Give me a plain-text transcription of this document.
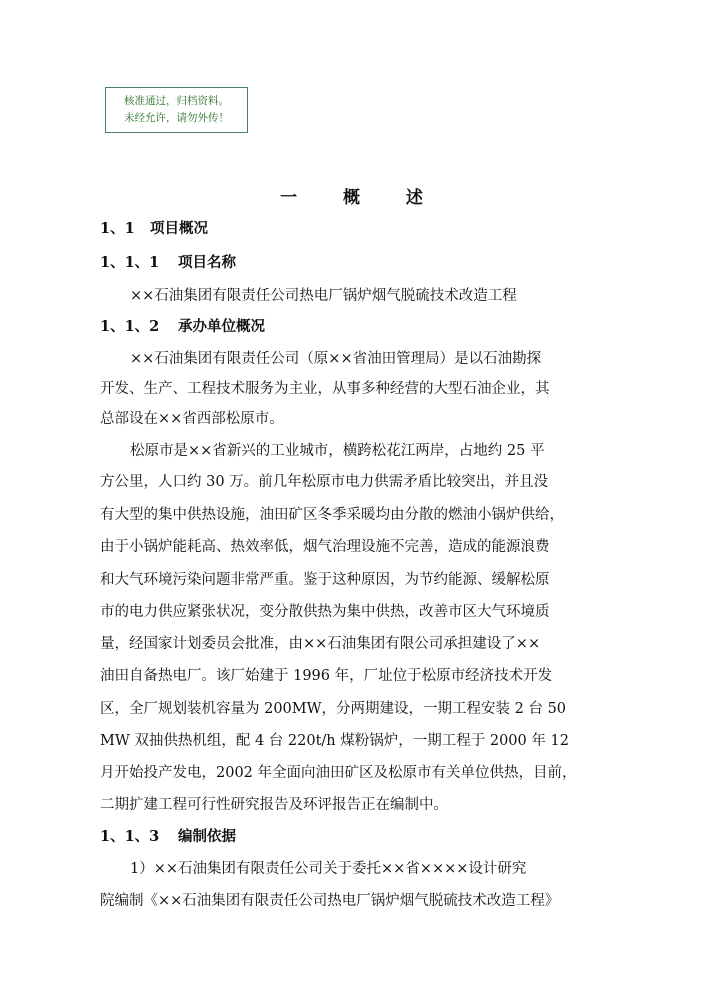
核准通过，归档资料。
未经允许，请勿外传！
一	概	述
1、1 项目概况
1、1、1 项目名称
××石油集团有限责任公司热电厂锅炉烟气脱硫技术改造工程
1、1、2 承办单位概况
××石油集团有限责任公司（原××省油田管理局）是以石油勘探
开发、生产、工程技术服务为主业，从事多种经营的大型石油企业，其
总部设在××省西部松原市。
松原市是××省新兴的工业城市，横跨松花江两岸，占地约 25 平
方公里，人口约 30 万。前几年松原市电力供需矛盾比较突出，并且没
有大型的集中供热设施，油田矿区冬季采暖均由分散的燃油小锅炉供给，
由于小锅炉能耗高、热效率低，烟气治理设施不完善，造成的能源浪费
和大气环境污染问题非常严重。鉴于这种原因，为节约能源、缓解松原
市的电力供应紧张状况，变分散供热为集中供热，改善市区大气环境质
量，经国家计划委员会批准，由××石油集团有限公司承担建设了××
油田自备热电厂。该厂始建于 1996 年，厂址位于松原市经济技术开发
区，全厂规划装机容量为 200MW，分两期建设，一期工程安装 2 台 50
MW 双抽供热机组，配 4 台 220t/h 煤粉锅炉，一期工程于 2000 年 12
月开始投产发电，2002 年全面向油田矿区及松原市有关单位供热，目前，
二期扩建工程可行性研究报告及环评报告正在编制中。
1、1、3 编制依据
1）××石油集团有限责任公司关于委托××省××××设计研究
院编制《××石油集团有限责任公司热电厂锅炉烟气脱硫技术改造工程》
